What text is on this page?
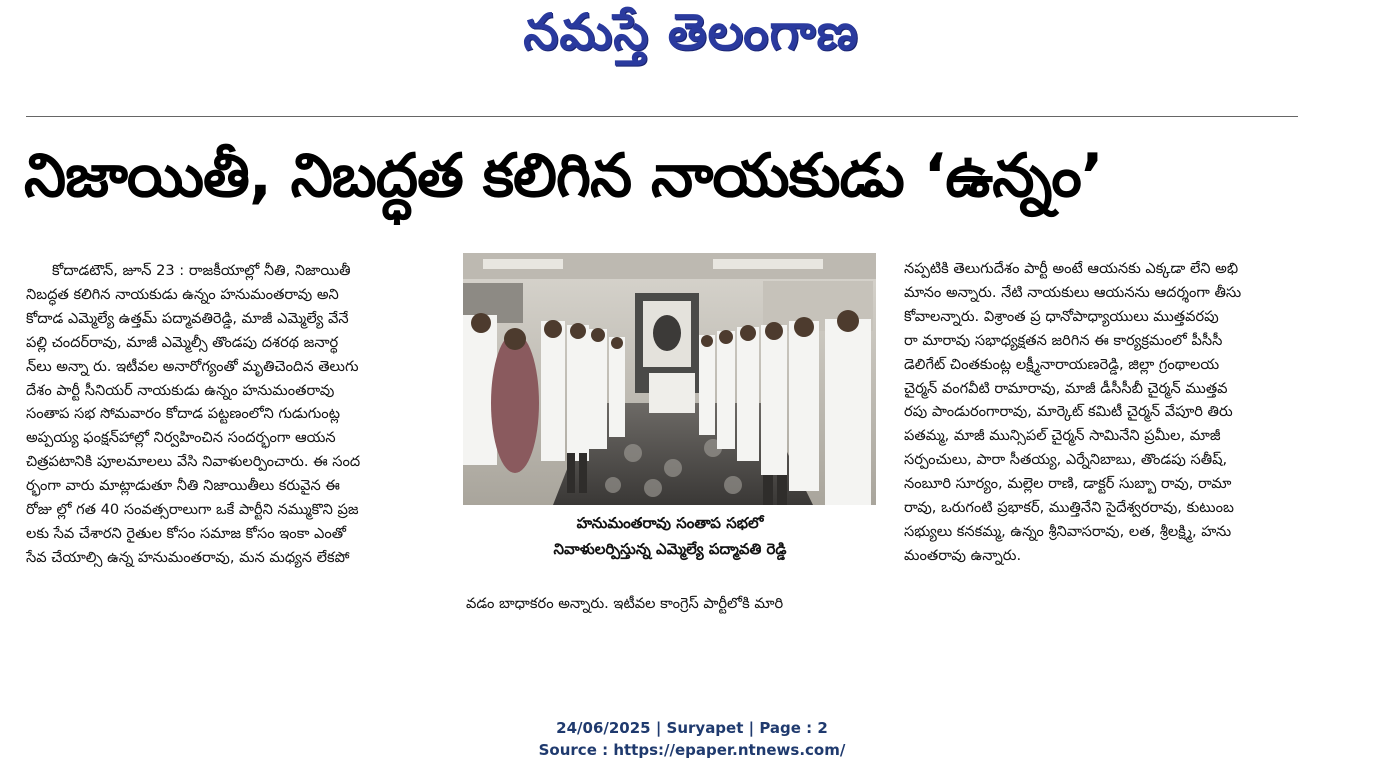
నమస్తే తెలంగాణ
నిజాయితీ, నిబద్ధత కలిగిన నాయకుడు ‘ఉన్నం’

కోదాడటౌన్, జూన్ 23 : రాజకీయాల్లో నీతి, నిజాయితీ

నిబద్ధత కలిగిన నాయకుడు ఉన్నం హనుమంతరావు అని

కోదాడ ఎమ్మెల్యే ఉత్తమ్ పద్మావతిరెడ్డి, మాజీ ఎమ్మెల్యే వేనే

పల్లి చందర్‌రావు, మాజీ ఎమ్మెల్సీ తొండపు దశరథ జనార్థ

న్‌లు అన్నా రు. ఇటీవల అనారోగ్యంతో మృతిచెందిన తెలుగు

దేశం పార్టీ సీనియర్ నాయకుడు ఉన్నం హనుమంతరావు

సంతాప సభ సోమవారం కోదాడ పట్టణంలోని గుడుగుంట్ల

అప్పయ్య ఫంక్షన్‌హాల్లో నిర్వహించిన సందర్భంగా ఆయన

చిత్రపటానికి పూలమాలలు వేసి నివాళులర్పించారు. ఈ సంద

ర్భంగా వారు మాట్లాడుతూ నీతి నిజాయితీలు కరువైన ఈ

రోజు ల్లో గత 40 సంవత్సరాలుగా ఒకే పార్టీని నమ్ముకొని ప్రజ

లకు సేవ చేశారని రైతుల కోసం సమాజ కోసం ఇంకా ఎంతో

సేవ చేయాల్సి ఉన్న హనుమంతరావు, మన మధ్యన లేకపో

హనుమంతరావు సంతాప సభలో
నివాళులర్పిస్తున్న ఎమ్మెల్యే పద్మావతి రెడ్డి
వడం బాధాకరం అన్నారు. ఇటీవల కాంగ్రెస్ పార్టీలోకి మారి

నప్పటికి తెలుగుదేశం పార్టీ అంటే ఆయనకు ఎక్కడా లేని అభి

మానం అన్నారు. నేటి నాయకులు ఆయనను ఆదర్శంగా తీసు

కోవాలన్నారు. విశ్రాంత ప్ర ధానోపాధ్యాయులు ముత్తవరపు

రా మారావు సభాధ్యక్షతన జరిగిన ఈ కార్యక్రమంలో పీసీసీ

డెలిగేట్ చింతకుంట్ల లక్ష్మీనారాయణరెడ్డి, జిల్లా గ్రంథాలయ

చైర్మన్ వంగవీటి రామారావు, మాజీ డీసీసీబీ చైర్మన్ ముత్తవ

రపు పాండురంగారావు, మార్కెట్ కమిటీ చైర్మన్ వేపూరి తిరు

పతమ్మ, మాజీ మున్సిపల్ చైర్మన్ సామినేని ప్రమీల, మాజీ

సర్పంచులు, పారా సీతయ్య, ఎర్నేనిబాబు, తొండపు సతీష్,

నంబూరి సూర్యం, మల్లెల రాణి, డాక్టర్ సుబ్బా రావు, రామా

రావు, ఒరుగంటి ప్రభాకర్, ముత్తినేని సైదేశ్వరరావు, కుటుంబ

సభ్యులు కనకమ్మ, ఉన్నం శ్రీనివాసరావు, లత, శ్రీలక్ష్మి, హను

మంతరావు ఉన్నారు.

24/06/2025 | Suryapet | Page : 2
Source : https://epaper.ntnews.com/
